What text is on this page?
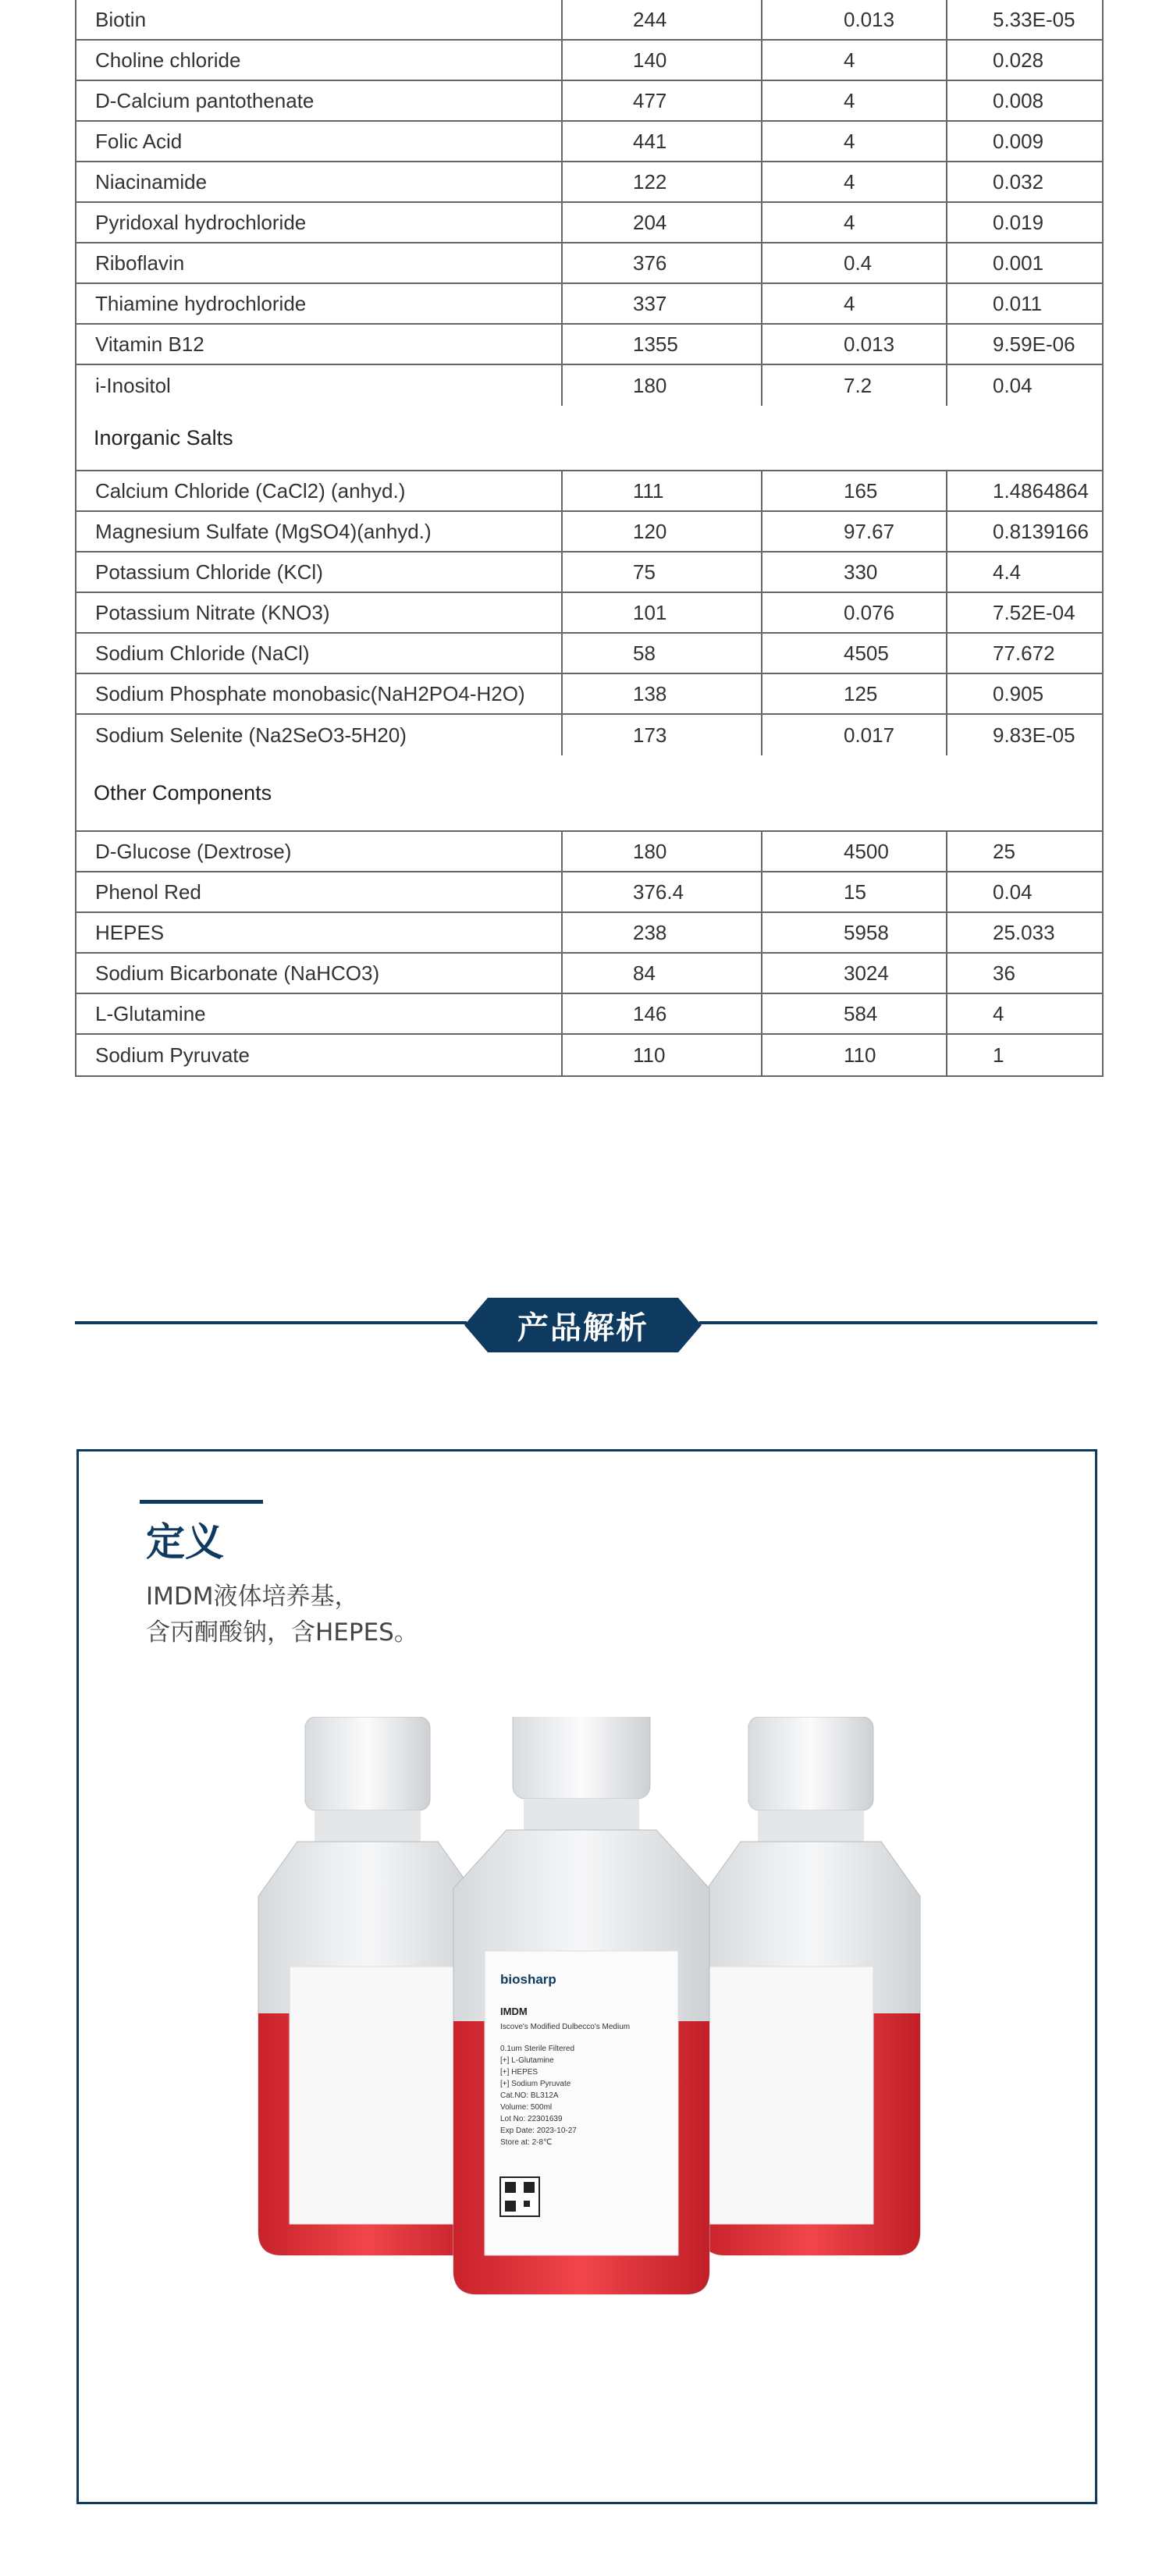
Biotin	244	0.013	5.33E-05
Choline chloride	140	4	0.028
D-Calcium pantothenate	477	4	0.008
Folic Acid	441	4	0.009
Niacinamide	122	4	0.032
Pyridoxal hydrochloride	204	4	0.019
Riboflavin	376	0.4	0.001
Thiamine hydrochloride	337	4	0.011
Vitamin B12	1355	0.013	9.59E-06
i-Inositol	180	7.2	0.04
Inorganic Salts
Calcium Chloride (CaCl2) (anhyd.)	111	165	1.4864864
Magnesium Sulfate (MgSO4)(anhyd.)	120	97.67	0.8139166
Potassium Chloride (KCl)	75	330	4.4
Potassium Nitrate (KNO3)	101	0.076	7.52E-04
Sodium Chloride (NaCl)	58	4505	77.672
Sodium Phosphate monobasic(NaH2PO4-H2O)	138	125	0.905
Sodium Selenite (Na2SeO3-5H20)	173	0.017	9.83E-05
Other Components
D-Glucose (Dextrose)	180	4500	25
Phenol Red	376.4	15	0.04
HEPES	238	5958	25.033
Sodium Bicarbonate (NaHCO3)	84	3024	36
L-Glutamine	146	584	4
Sodium Pyruvate	110	110	1
产品解析
定义
IMDM液体培养基，
含丙酮酸钠，含HEPES。
biosharp
IMDM
Iscove's Modified Dulbecco's Medium
0.1um Sterile Filtered
[+] L-Glutamine
[+] HEPES
[+] Sodium Pyruvate
Cat.NO: BL312A
Volume: 500ml
Lot No: 22301639
Exp Date: 2023-10-27
Store at: 2-8℃
